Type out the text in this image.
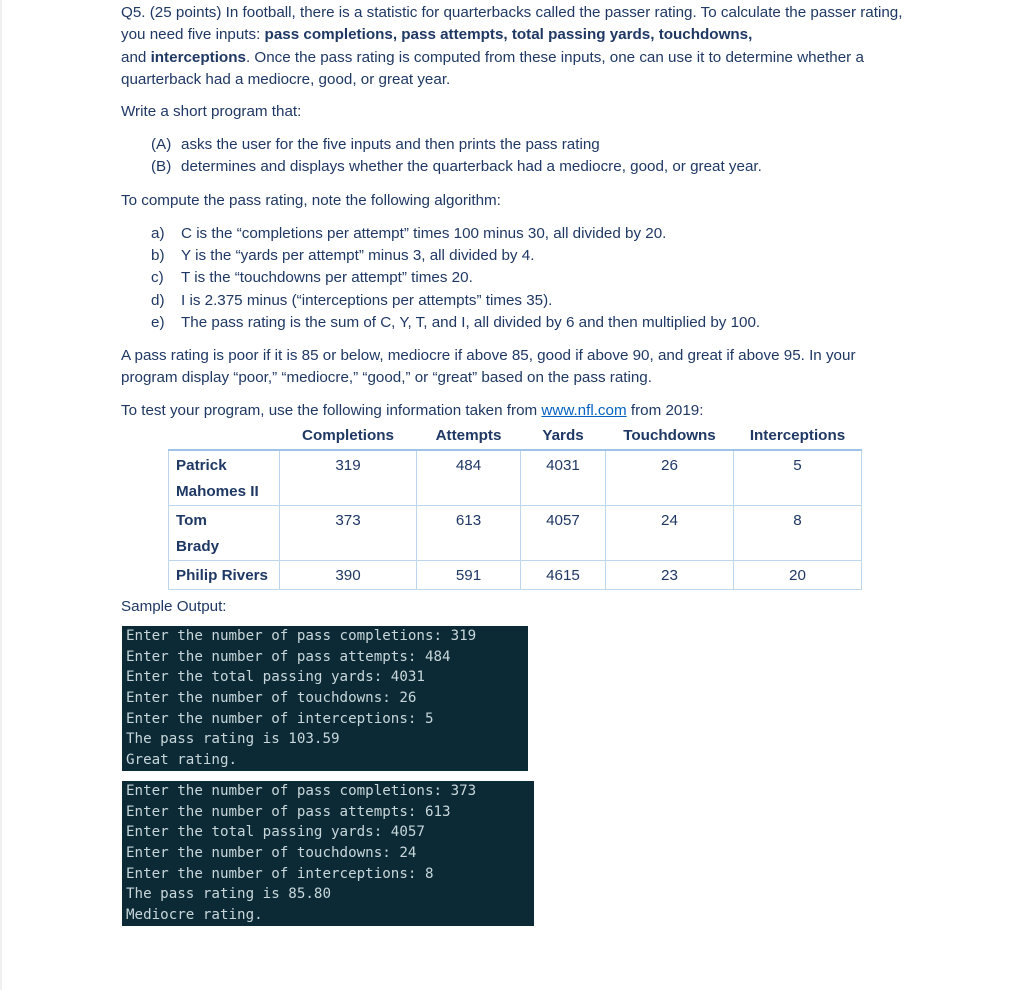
Q5. (25 points) In football, there is a statistic for quarterbacks called the passer rating. To calculate the passer rating, you need five inputs: pass completions, pass attempts, total passing yards, touchdowns,
and interceptions. Once the pass rating is computed from these inputs, one can use it to determine whether a quarterback had a mediocre, good, or great year.

Write a short program that:
(A) asks the user for the five inputs and then prints the pass rating
(B) determines and displays whether the quarterback had a mediocre, good, or great year.
To compute the pass rating, note the following algorithm:
a) C is the “completions per attempt” times 100 minus 30, all divided by 20.
b) Y is the “yards per attempt” minus 3, all divided by 4.
c) T is the “touchdowns per attempt” times 20.
d) I is 2.375 minus (“interceptions per attempts” times 35).
e) The pass rating is the sum of C, Y, T, and I, all divided by 6 and then multiplied by 100.

A pass rating is poor if it is 85 or below, mediocre if above 85, good if above 90, and great if above 95. In your program display “poor,” “mediocre,” “good,” or “great” based on the pass rating.

To test your program, use the following information taken from www.nfl.com from 2019:
	Completions	Attempts	Yards	Touchdowns	Interceptions
Patrick
Mahomes II	319	484	4031	26	5
Tom
Brady	373	613	4057	24	8
Philip Rivers	390	591	4615	23	20
Sample Output:
Enter the number of pass completions: 319
Enter the number of pass attempts: 484
Enter the total passing yards: 4031
Enter the number of touchdowns: 26
Enter the number of interceptions: 5
The pass rating is 103.59
Great rating.
Enter the number of pass completions: 373
Enter the number of pass attempts: 613
Enter the total passing yards: 4057
Enter the number of touchdowns: 24
Enter the number of interceptions: 8
The pass rating is 85.80
Mediocre rating.
